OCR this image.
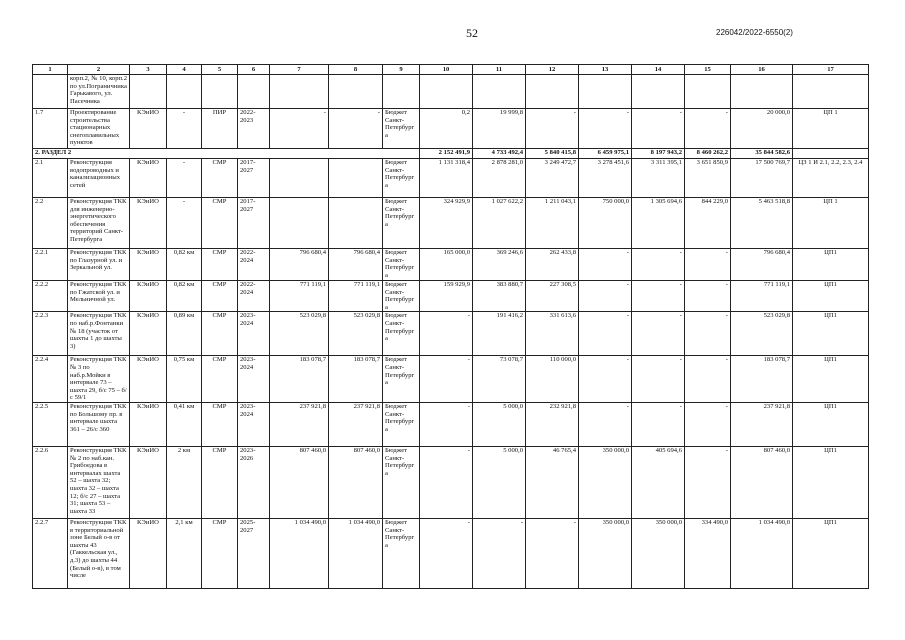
52	226042/2022-6550(2)
1	2	3	4	5	6	7	8	9	10	11	12	13	14	15	16	17
	корп.2, № 10, корп.2 по ул.Пограничника Гарькавого, ул. Пасечника															
1.7	Проектирование строительства стационарных снегоплавильных пунктов	КЭиИО	-	ПИР	2022-2023	-	-	Бюджет Санкт-Петербурга	0,2	19 999,8	-	-	-	-	20 000,0	ЦП 1
2. РАЗДЕЛ 2									2 152 491,9	4 733 492,4	5 840 415,8	6 459 975,1	8 197 943,2	8 460 262,2	35 844 582,6	
2.1	Реконструкция водопроводных и канализационных сетей	КЭиИО	-	СМР	2017-2027			Бюджет Санкт-Петербурга	1 131 318,4	2 878 281,0	3 249 472,7	3 278 451,6	3 311 395,1	3 651 850,9	17 500 769,7	ЦЗ 1 И 2.1, 2.2, 2.3, 2.4
2.2	Реконструкция ТКК для инженерно-энергетического обеспечения территорий Санкт-Петербурга	КЭиИО	-	СМР	2017-2027			Бюджет Санкт-Петербурга	324 929,9	1 027 622,2	1 211 043,1	750 000,0	1 305 694,6	844 229,0	5 463 518,8	ЦП 1
2.2.1	Реконструкция ТКК по Глазурной ул. и Зеркальной ул.	КЭиИО	0,82 км	СМР	2022-2024	796 680,4	796 680,4	Бюджет Санкт-Петербурга	165 000,0	369 246,6	262 433,8	-	-	-	796 680,4	ЦП1
2.2.2	Реконструкция ТКК по Гжатской ул. и Мельничной ул.	КЭиИО	0,82 км	СМР	2022-2024	771 119,1	771 119,1	Бюджет Санкт-Петербурга	159 929,9	383 880,7	227 308,5	-	-	-	771 119,1	ЦП1
2.2.3	Реконструкция ТКК по наб.р.Фонтанки № 18 (участок от шахты 1 до шахты 3)	КЭиИО	0,89 км	СМР	2023-2024	523 029,8	523 029,8	Бюджет Санкт-Петербурга	-	191 416,2	331 613,6	-	-	-	523 029,8	ЦП1
2.2.4	Реконструкция ТКК № 3 по наб.р.Мойки в интервале 73 – шахта 29, б/с 75 – б/с 59/1	КЭиИО	0,75 км	СМР	2023-2024	183 078,7	183 078,7	Бюджет Санкт-Петербурга	-	73 078,7	110 000,0	-	-	-	183 078,7	ЦП1
2.2.5	Реконструкция ТКК по Большому пр. в интервале шахта 361 – 26/с 360	КЭиИО	0,41 км	СМР	2023-2024	237 921,8	237 921,8	Бюджет Санкт-Петербурга	-	5 000,0	232 921,8	-	-	-	237 921,8	ЦП1
2.2.6	Реконструкция ТКК № 2 по наб.кан. Грибоедова в интервалах шахта 52 – шахта 32; шахта 32 – шахта 12; б/с 27 – шахта 31; шахта 53 – шахта 33	КЭиИО	2 км	СМР	2023-2026	807 460,0	807 460,0	Бюджет Санкт-Петербурга	-	5 000,0	46 765,4	350 000,0	405 694,6	-	807 460,0	ЦП1
2.2.7	Реконструкция ТКК в территориальной зоне Белый о-в от шахты 43 (Гаккельская ул., д.3) до шахты 44 (Белый о-в), в том числе	КЭиИО	2,1 км	СМР	2025-2027	1 034 490,0	1 034 490,0	Бюджет Санкт-Петербурга	-	-	-	350 000,0	350 000,0	334 490,0	1 034 490,0	ЦП1
